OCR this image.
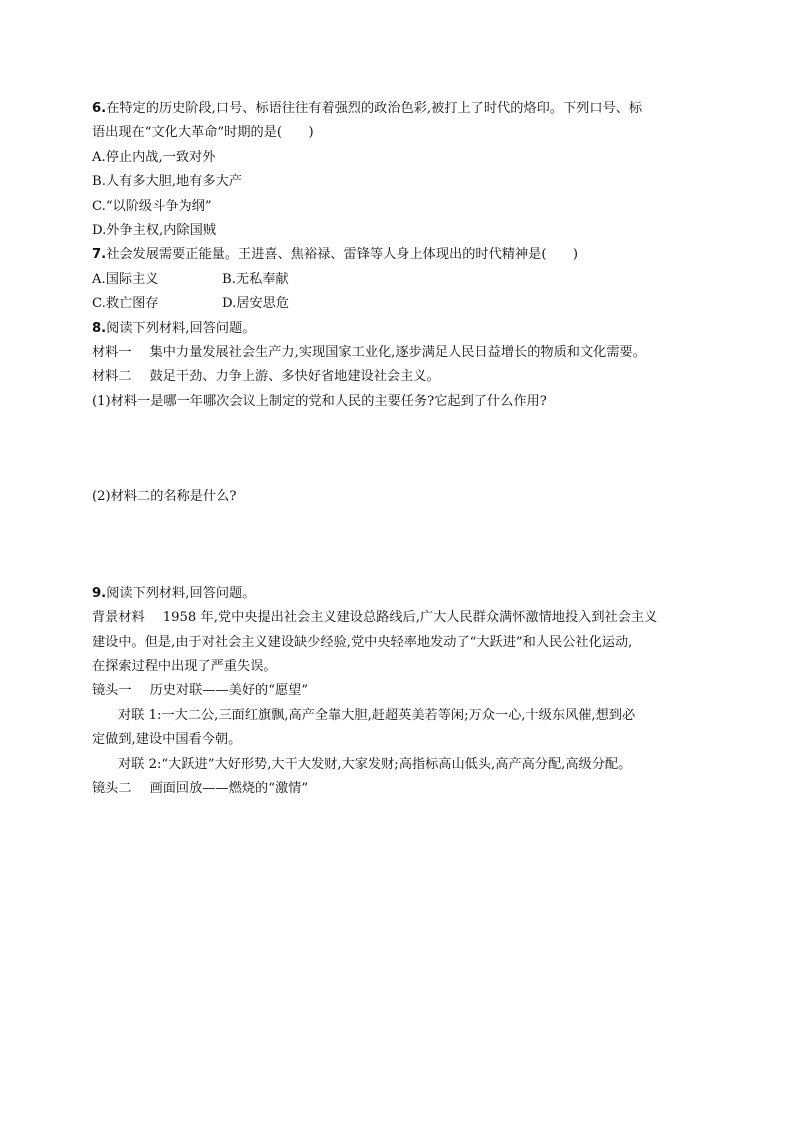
6.在特定的历史阶段,口号、标语往往有着强烈的政治色彩,被打上了时代的烙印。下列口号、标

语出现在“文化大革命”时期的是(　　)

A.停止内战,一致对外

B.人有多大胆,地有多大产

C.“以阶级斗争为纲”

D.外争主权,内除国贼

7.社会发展需要正能量。王进喜、焦裕禄、雷锋等人身上体现出的时代精神是(　　)

A.国际主义	B.无私奉献

C.救亡图存	D.居安思危

8.阅读下列材料,回答问题。

材料一 集中力量发展社会生产力,实现国家工业化,逐步满足人民日益增长的物质和文化需要。

材料二 鼓足干劲、力争上游、多快好省地建设社会主义。

(1)材料一是哪一年哪次会议上制定的党和人民的主要任务?它起到了什么作用?

(2)材料二的名称是什么?

9.阅读下列材料,回答问题。

背景材料 1958 年,党中央提出社会主义建设总路线后,广大人民群众满怀激情地投入到社会主义

建设中。但是,由于对社会主义建设缺少经验,党中央轻率地发动了“大跃进”和人民公社化运动,

在探索过程中出现了严重失误。

镜头一 历史对联——美好的“愿望”

对联 1:一大二公,三面红旗飘,高产全靠大胆,赶超英美若等闲;万众一心,十级东风催,想到必

定做到,建设中国看今朝。

对联 2:“大跃进”大好形势,大干大发财,大家发财;高指标高山低头,高产高分配,高级分配。

镜头二 画面回放——燃烧的“激情”
